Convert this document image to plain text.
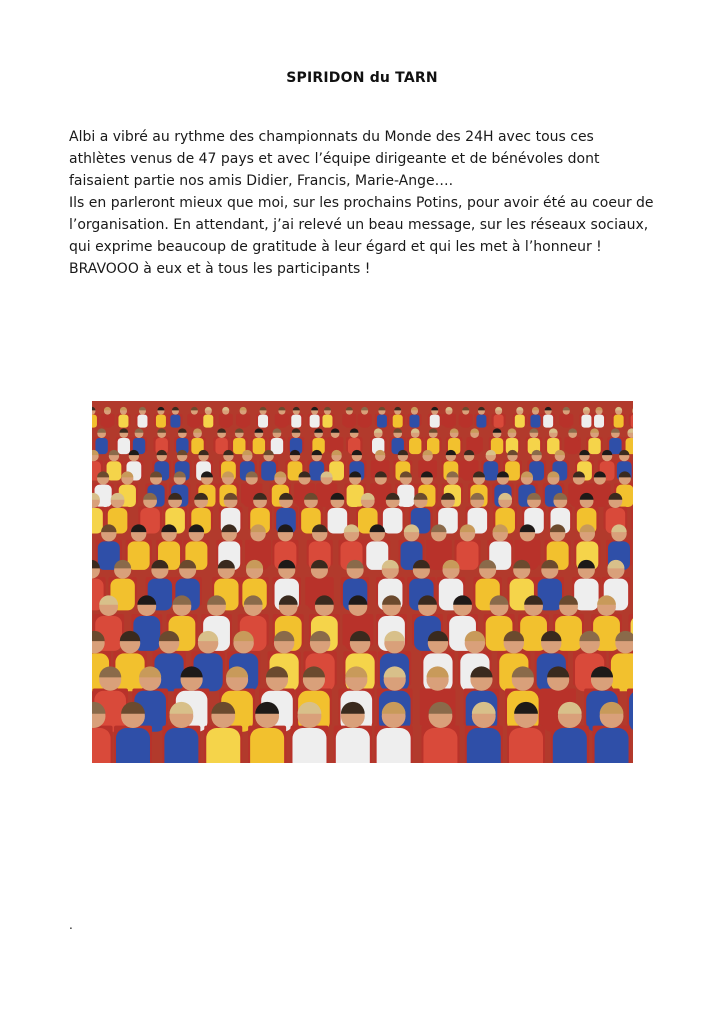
SPIRIDON du TARN

Albi a vibré au rythme des championnats du Monde des 24H avec tous ces athlètes venus de 47 pays et avec l’équipe dirigeante et de bénévoles dont faisaient partie nos amis Didier, Francis, Marie-Ange….

Ils en parleront mieux que moi, sur les prochains Potins, pour avoir été au coeur de l’organisation. En attendant, j’ai relevé un beau message, sur les réseaux sociaux, qui exprime beaucoup de gratitude à leur égard et qui les met à l’honneur !

BRAVOOO à eux et à tous les participants !

.
